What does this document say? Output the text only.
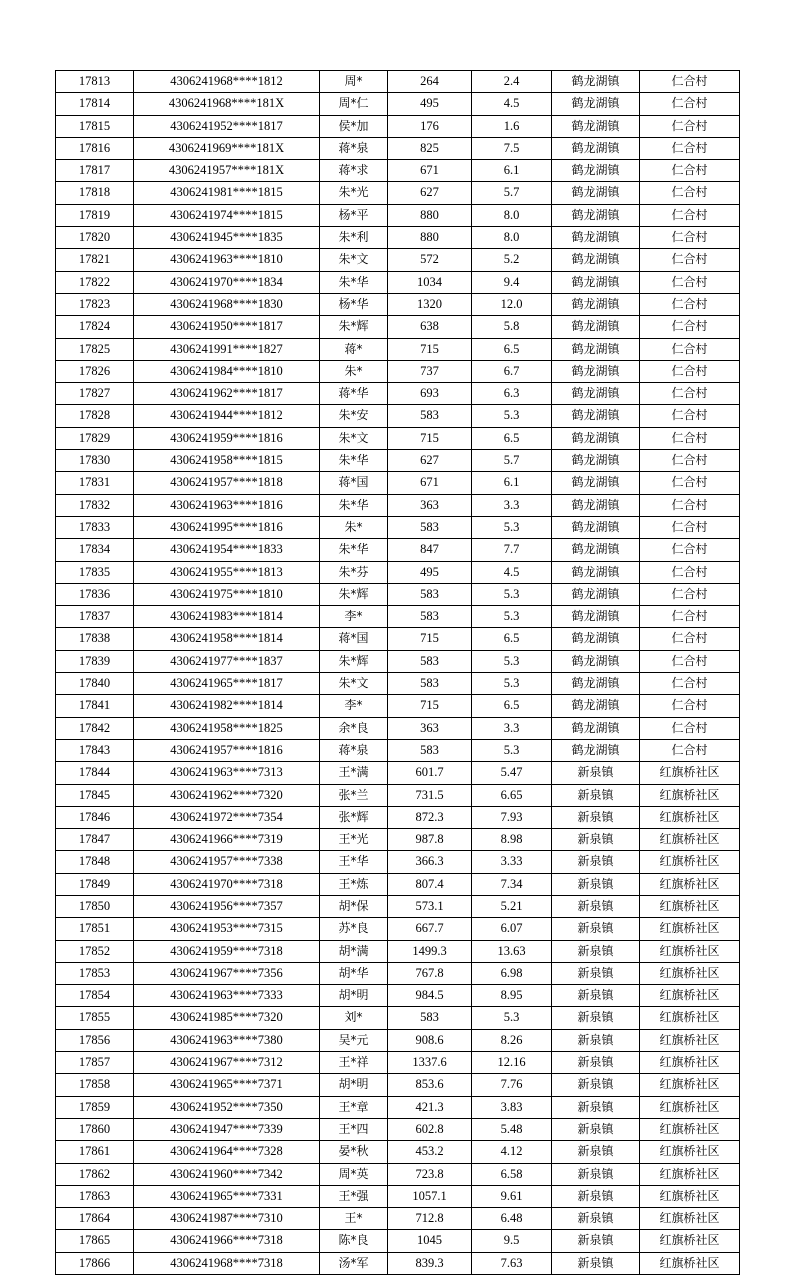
17813	4306241968****1812	周*	264	2.4	鹤龙湖镇	仁合村
17814	4306241968****181X	周*仁	495	4.5	鹤龙湖镇	仁合村
17815	4306241952****1817	侯*加	176	1.6	鹤龙湖镇	仁合村
17816	4306241969****181X	蒋*泉	825	7.5	鹤龙湖镇	仁合村
17817	4306241957****181X	蒋*求	671	6.1	鹤龙湖镇	仁合村
17818	4306241981****1815	朱*光	627	5.7	鹤龙湖镇	仁合村
17819	4306241974****1815	杨*平	880	8.0	鹤龙湖镇	仁合村
17820	4306241945****1835	朱*利	880	8.0	鹤龙湖镇	仁合村
17821	4306241963****1810	朱*文	572	5.2	鹤龙湖镇	仁合村
17822	4306241970****1834	朱*华	1034	9.4	鹤龙湖镇	仁合村
17823	4306241968****1830	杨*华	1320	12.0	鹤龙湖镇	仁合村
17824	4306241950****1817	朱*辉	638	5.8	鹤龙湖镇	仁合村
17825	4306241991****1827	蒋*	715	6.5	鹤龙湖镇	仁合村
17826	4306241984****1810	朱*	737	6.7	鹤龙湖镇	仁合村
17827	4306241962****1817	蒋*华	693	6.3	鹤龙湖镇	仁合村
17828	4306241944****1812	朱*安	583	5.3	鹤龙湖镇	仁合村
17829	4306241959****1816	朱*文	715	6.5	鹤龙湖镇	仁合村
17830	4306241958****1815	朱*华	627	5.7	鹤龙湖镇	仁合村
17831	4306241957****1818	蒋*国	671	6.1	鹤龙湖镇	仁合村
17832	4306241963****1816	朱*华	363	3.3	鹤龙湖镇	仁合村
17833	4306241995****1816	朱*	583	5.3	鹤龙湖镇	仁合村
17834	4306241954****1833	朱*华	847	7.7	鹤龙湖镇	仁合村
17835	4306241955****1813	朱*芬	495	4.5	鹤龙湖镇	仁合村
17836	4306241975****1810	朱*辉	583	5.3	鹤龙湖镇	仁合村
17837	4306241983****1814	李*	583	5.3	鹤龙湖镇	仁合村
17838	4306241958****1814	蒋*国	715	6.5	鹤龙湖镇	仁合村
17839	4306241977****1837	朱*辉	583	5.3	鹤龙湖镇	仁合村
17840	4306241965****1817	朱*文	583	5.3	鹤龙湖镇	仁合村
17841	4306241982****1814	李*	715	6.5	鹤龙湖镇	仁合村
17842	4306241958****1825	余*良	363	3.3	鹤龙湖镇	仁合村
17843	4306241957****1816	蒋*泉	583	5.3	鹤龙湖镇	仁合村
17844	4306241963****7313	王*满	601.7	5.47	新泉镇	红旗桥社区
17845	4306241962****7320	张*兰	731.5	6.65	新泉镇	红旗桥社区
17846	4306241972****7354	张*辉	872.3	7.93	新泉镇	红旗桥社区
17847	4306241966****7319	王*光	987.8	8.98	新泉镇	红旗桥社区
17848	4306241957****7338	王*华	366.3	3.33	新泉镇	红旗桥社区
17849	4306241970****7318	王*炼	807.4	7.34	新泉镇	红旗桥社区
17850	4306241956****7357	胡*保	573.1	5.21	新泉镇	红旗桥社区
17851	4306241953****7315	苏*良	667.7	6.07	新泉镇	红旗桥社区
17852	4306241959****7318	胡*满	1499.3	13.63	新泉镇	红旗桥社区
17853	4306241967****7356	胡*华	767.8	6.98	新泉镇	红旗桥社区
17854	4306241963****7333	胡*明	984.5	8.95	新泉镇	红旗桥社区
17855	4306241985****7320	刘*	583	5.3	新泉镇	红旗桥社区
17856	4306241963****7380	吴*元	908.6	8.26	新泉镇	红旗桥社区
17857	4306241967****7312	王*祥	1337.6	12.16	新泉镇	红旗桥社区
17858	4306241965****7371	胡*明	853.6	7.76	新泉镇	红旗桥社区
17859	4306241952****7350	王*章	421.3	3.83	新泉镇	红旗桥社区
17860	4306241947****7339	王*四	602.8	5.48	新泉镇	红旗桥社区
17861	4306241964****7328	晏*秋	453.2	4.12	新泉镇	红旗桥社区
17862	4306241960****7342	周*英	723.8	6.58	新泉镇	红旗桥社区
17863	4306241965****7331	王*强	1057.1	9.61	新泉镇	红旗桥社区
17864	4306241987****7310	王*	712.8	6.48	新泉镇	红旗桥社区
17865	4306241966****7318	陈*良	1045	9.5	新泉镇	红旗桥社区
17866	4306241968****7318	汤*军	839.3	7.63	新泉镇	红旗桥社区
